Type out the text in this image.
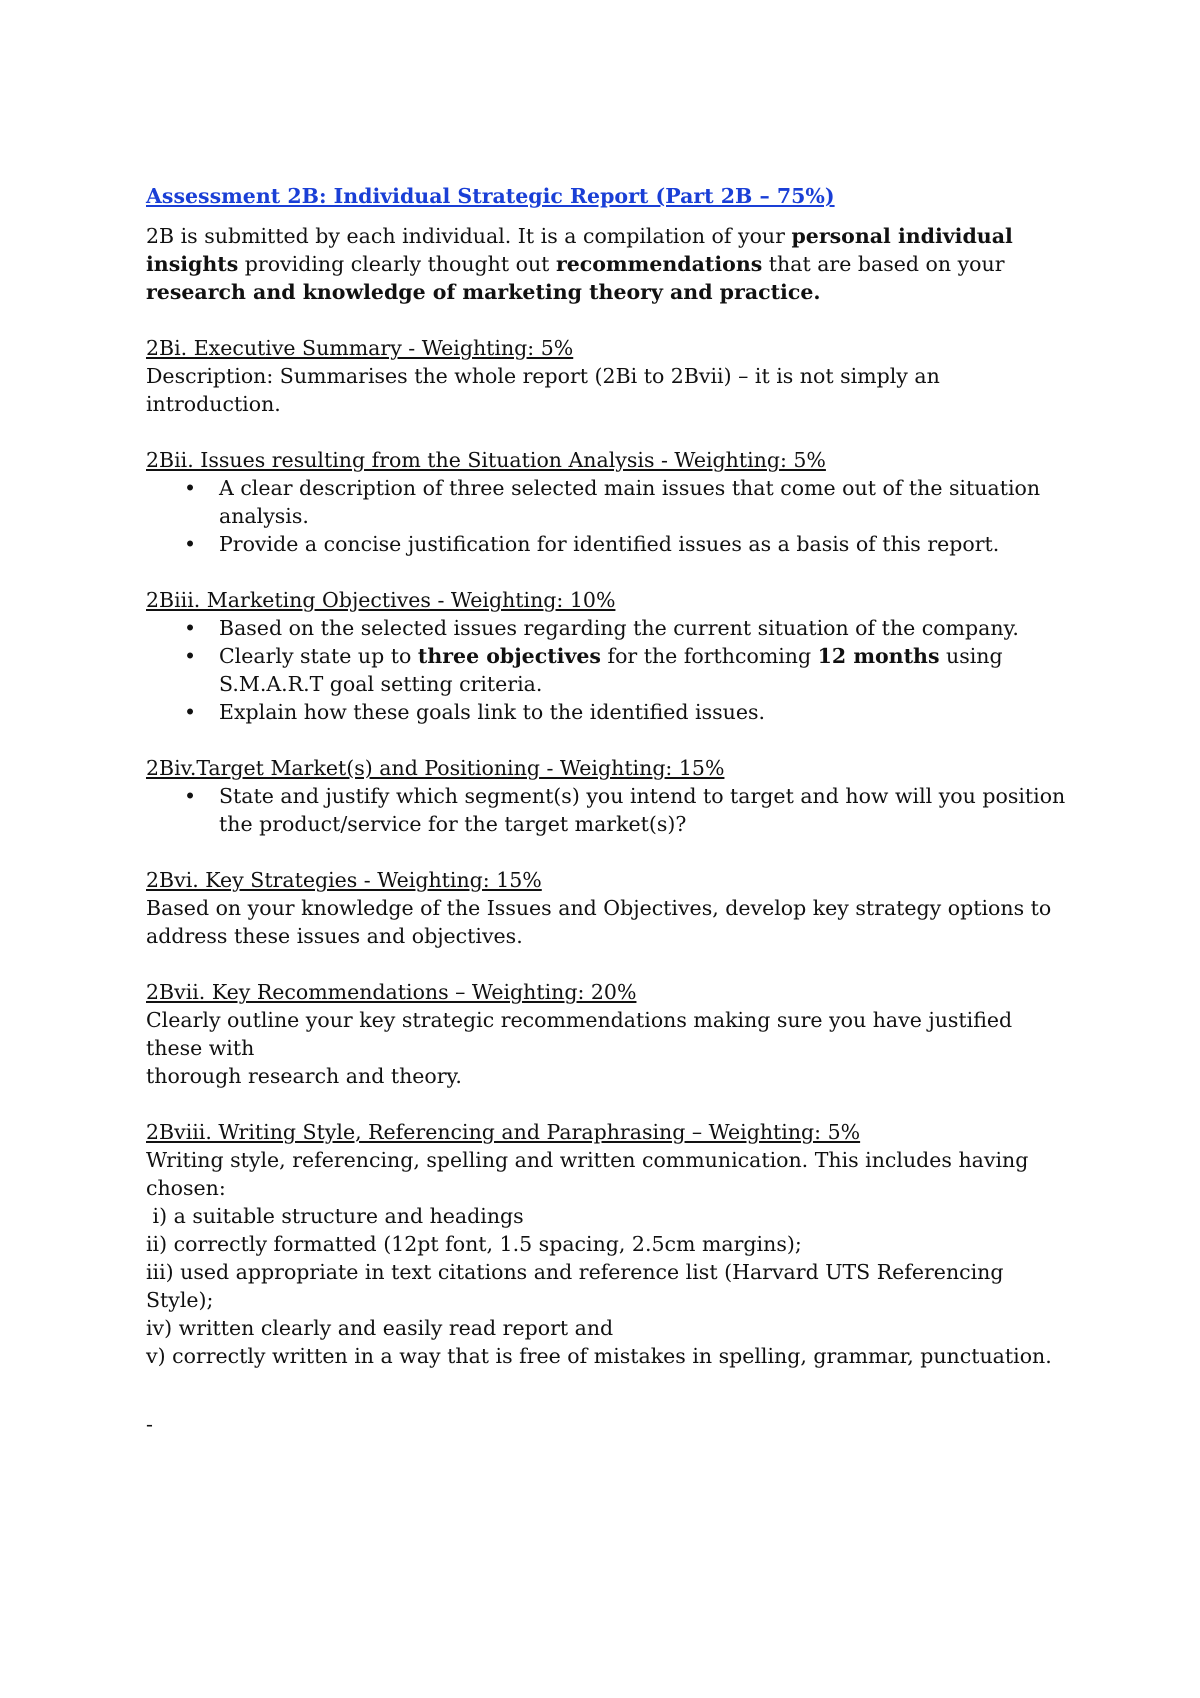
Assessment 2B: Individual Strategic Report (Part 2B – 75%)

2B is submitted by each individual. It is a compilation of your personal individual insights providing clearly thought out recommendations that are based on your research and knowledge of marketing theory and practice.

2Bi. Executive Summary - Weighting: 5%

Description: Summarises the whole report (2Bi to 2Bvii) – it is not simply an introduction.

2Bii. Issues resulting from the Situation Analysis - Weighting: 5%

• A clear description of three selected main issues that come out of the situation analysis.
• Provide a concise justification for identified issues as a basis of this report.

2Biii. Marketing Objectives - Weighting: 10%

• Based on the selected issues regarding the current situation of the company.
• Clearly state up to three objectives for the forthcoming 12 months using S.M.A.R.T goal setting criteria.
• Explain how these goals link to the identified issues.

2Biv.Target Market(s) and Positioning - Weighting: 15%

• State and justify which segment(s) you intend to target and how will you position the product/service for the target market(s)?

2Bvi. Key Strategies - Weighting: 15%

Based on your knowledge of the Issues and Objectives, develop key strategy options to address these issues and objectives.

2Bvii. Key Recommendations – Weighting: 20%

Clearly outline your key strategic recommendations making sure you have justified these with

thorough research and theory.

2Bviii. Writing Style, Referencing and Paraphrasing – Weighting: 5%

Writing style, referencing, spelling and written communication. This includes having chosen:
i) a suitable structure and headings
ii) correctly formatted (12pt font, 1.5 spacing, 2.5cm margins);
iii) used appropriate in text citations and reference list (Harvard UTS Referencing Style);
iv) written clearly and easily read report and
v) correctly written in a way that is free of mistakes in spelling, grammar, punctuation.
-
